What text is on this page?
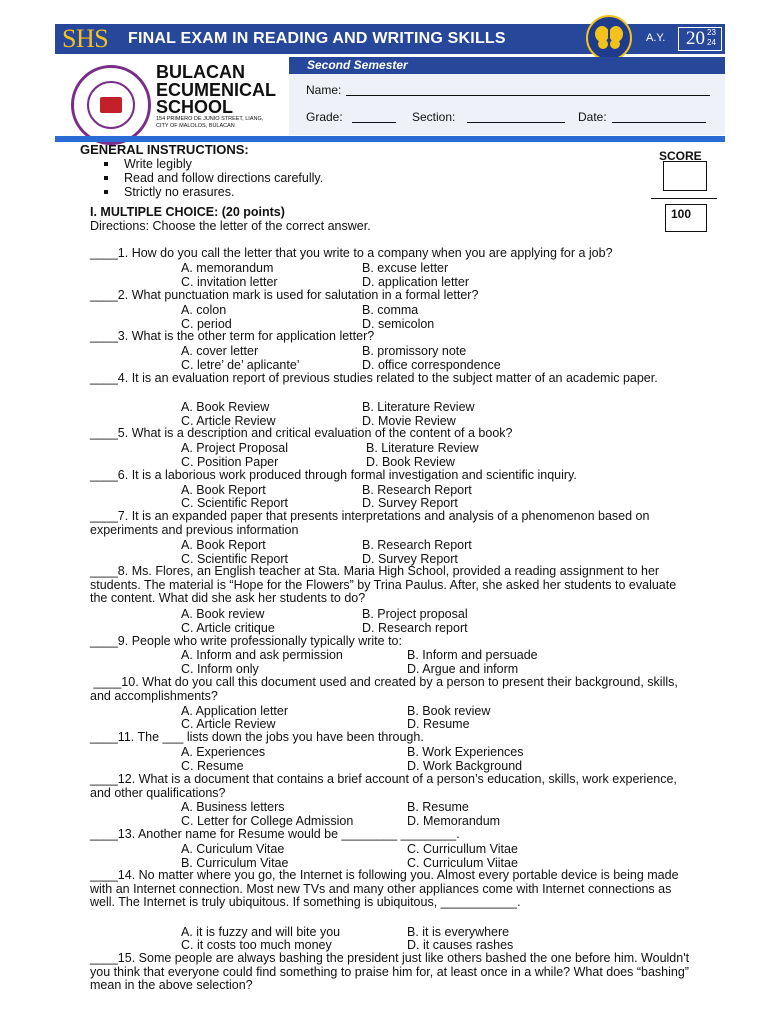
SHS FINAL EXAM IN READING AND WRITING SKILLS	A.Y. 20 23
24
BULACAN
ECUMENICAL
SCHOOL
154 PRIMERO DE JUNIO STREET, LIANG,
CITY OF MALOLOS, BULACAN
Second Semester
Name:
Grade:	Section:	Date:
GENERAL INSTRUCTIONS:
Write legibly
Read and follow directions carefully.
Strictly no erasures.
SCORE
100
I. MULTIPLE CHOICE: (20 points)
Directions: Choose the letter of the correct answer.
____1. How do you call the letter that you write to a company when you are applying for a job?
A. memorandum	B. excuse letter
C. invitation letter	D. application letter
____2. What punctuation mark is used for salutation in a formal letter?
A. colon	B. comma
C. period	D. semicolon
____3. What is the other term for application letter?
A. cover letter	B. promissory note
C. letre’ de’ aplicante’	D. office correspondence
____4. It is an evaluation report of previous studies related to the subject matter of an academic paper.
A. Book Review	B. Literature Review
C. Article Review	D. Movie Review
____5. What is a description and critical evaluation of the content of a book?
A. Project Proposal	B. Literature Review
C. Position Paper	D. Book Review
____6. It is a laborious work produced through formal investigation and scientific inquiry.
A. Book Report	B. Research Report
C. Scientific Report	D. Survey Report
____7. It is an expanded paper that presents interpretations and analysis of a phenomenon based on experiments and previous information
A. Book Report	B. Research Report
C. Scientific Report	D. Survey Report
____8. Ms. Flores, an English teacher at Sta. Maria High School, provided a reading assignment to her students. The material is “Hope for the Flowers” by Trina Paulus. After, she asked her students to evaluate the content. What did she ask her students to do?
A. Book review	B. Project proposal
C. Article critique	D. Research report
____9. People who write professionally typically write to:
A. Inform and ask permission	B. Inform and persuade
C. Inform only	D. Argue and inform
____10. What do you call this document used and created by a person to present their background, skills, and accomplishments?
A. Application letter	B. Book review
C. Article Review	D. Resume
____11. The ___ lists down the jobs you have been through.
A. Experiences	B. Work Experiences
C. Resume	D. Work Background
____12. What is a document that contains a brief account of a person’s education, skills, work experience, and other qualifications?
A. Business letters	B. Resume
C. Letter for College Admission	D. Memorandum
____13. Another name for Resume would be ________ ________.
A. Curiculum Vitae	C. Curricullum Vitae
B. Curriculum Vitae	C. Curriculum Viitae
____14. No matter where you go, the Internet is following you. Almost every portable device is being made with an Internet connection. Most new TVs and many other appliances come with Internet connections as well. The Internet is truly ubiquitous. If something is ubiquitous, ___________.
A. it is fuzzy and will bite you	B. it is everywhere
C. it costs too much money	D. it causes rashes
____15. Some people are always bashing the president just like others bashed the one before him. Wouldn't you think that everyone could find something to praise him for, at least once in a while? What does “bashing” mean in the above selection?
